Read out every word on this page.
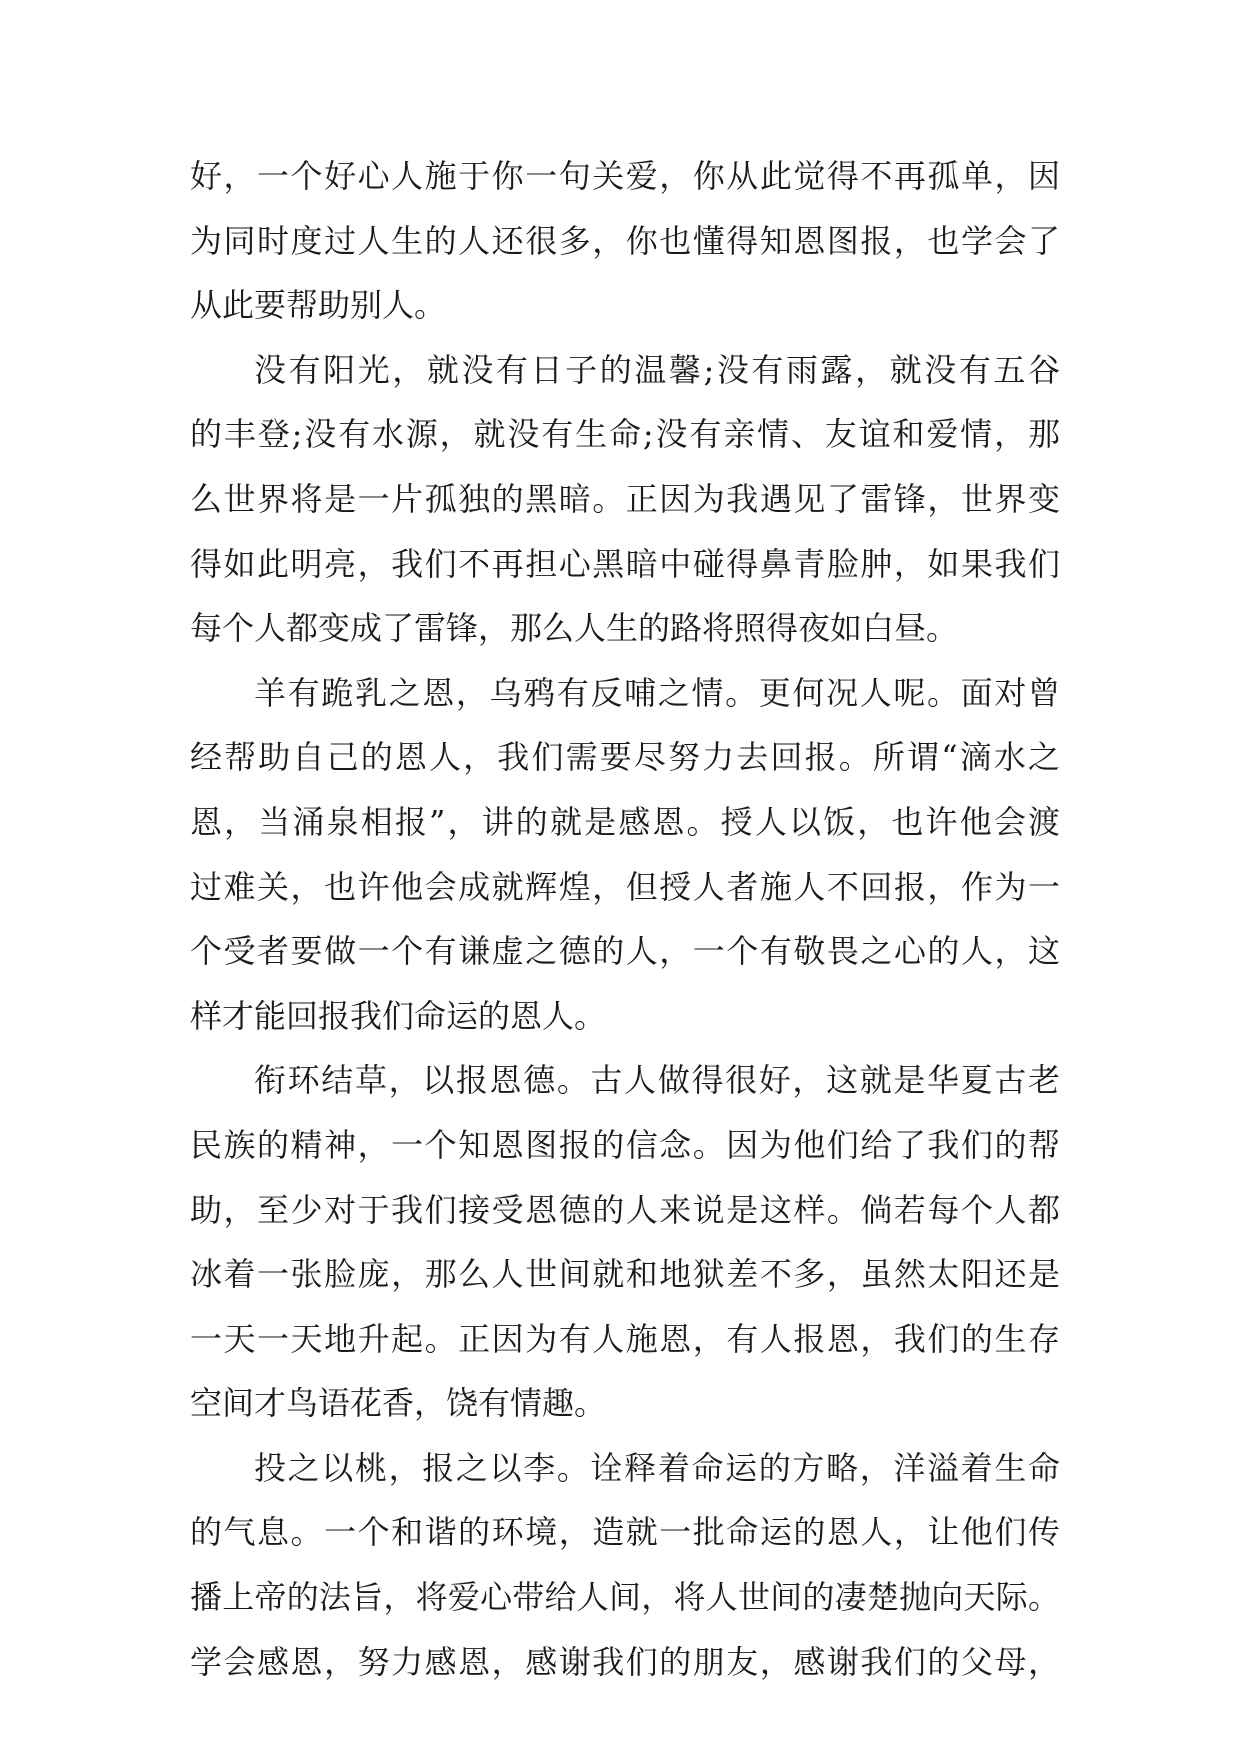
好，一个好心人施于你一句关爱，你从此觉得不再孤单，因
为同时度过人生的人还很多，你也懂得知恩图报，也学会了
从此要帮助别人。
没有阳光，就没有日子的温馨;没有雨露，就没有五谷
的丰登;没有水源，就没有生命;没有亲情、友谊和爱情，那
么世界将是一片孤独的黑暗。正因为我遇见了雷锋，世界变
得如此明亮，我们不再担心黑暗中碰得鼻青脸肿，如果我们
每个人都变成了雷锋，那么人生的路将照得夜如白昼。
羊有跪乳之恩，乌鸦有反哺之情。更何况人呢。面对曾
经帮助自己的恩人，我们需要尽努力去回报。所谓“滴水之
恩，当涌泉相报”，讲的就是感恩。授人以饭，也许他会渡
过难关，也许他会成就辉煌，但授人者施人不回报，作为一
个受者要做一个有谦虚之德的人，一个有敬畏之心的人，这
样才能回报我们命运的恩人。
衔环结草，以报恩德。古人做得很好，这就是华夏古老
民族的精神，一个知恩图报的信念。因为他们给了我们的帮
助，至少对于我们接受恩德的人来说是这样。倘若每个人都
冰着一张脸庞，那么人世间就和地狱差不多，虽然太阳还是
一天一天地升起。正因为有人施恩，有人报恩，我们的生存
空间才鸟语花香，饶有情趣。
投之以桃，报之以李。诠释着命运的方略，洋溢着生命
的气息。一个和谐的环境，造就一批命运的恩人，让他们传
播上帝的法旨，将爱心带给人间，将人世间的凄楚抛向天际。
学会感恩，努力感恩，感谢我们的朋友，感谢我们的父母，
